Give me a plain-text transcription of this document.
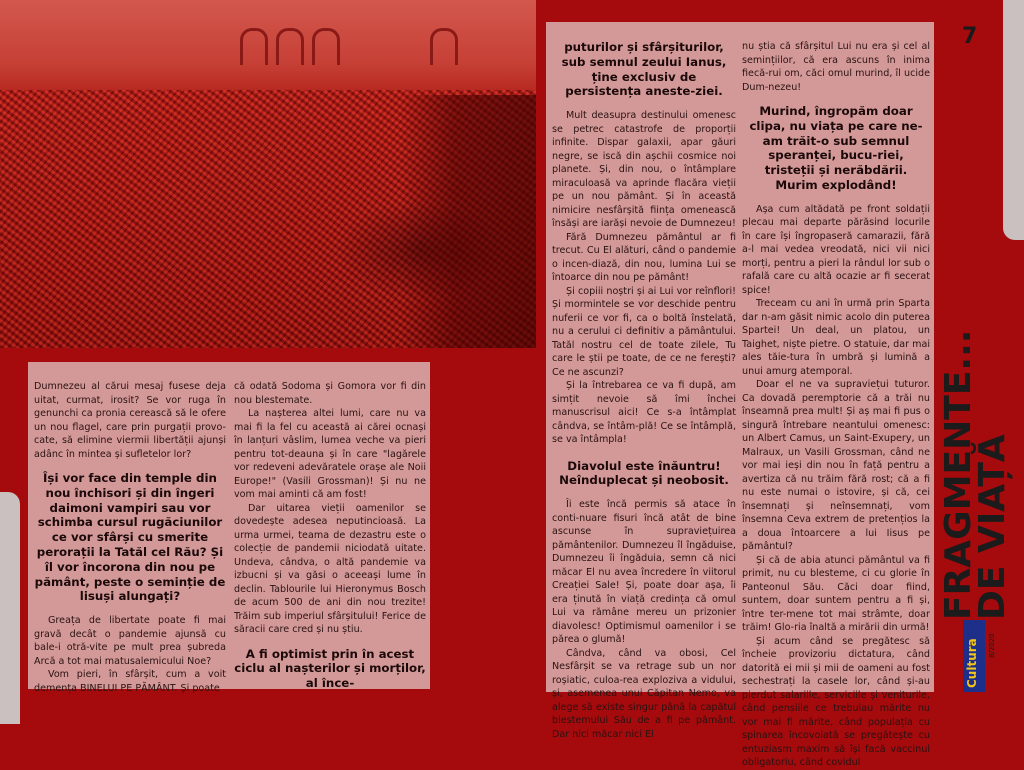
Dumnezeu al cărui mesaj fusese deja uitat, curmat, irosit? Se vor ruga în genunchi ca pronia cerească să le ofere un nou flagel, care prin purgații provo-cate, să elimine viermii libertății ajunși adânc în mintea și sufletelor lor?

Își vor face din temple din nou închisori și din îngeri daimoni vampiri sau vor schimba cursul rugăciunilor ce vor sfârși cu smerite perorații la Tatăl cel Rău? Și îl vor încorona din nou pe pământ, peste o seminție de lisuși alungați?

Greața de libertate poate fi mai gravă decât o pandemie ajunsă cu bale-i otră-vite pe mult prea șubreda Arcă a tot mai matusalemicului Noe?

Vom pieri, în sfârșit, cum a voit demența BINELUI PE PĂMÂNT. Și poate

că odată Sodoma și Gomora vor fi din nou blestemate.

La nașterea altei lumi, care nu va mai fi la fel cu această ai cărei ocnași în lanțuri vâslim, lumea veche va pieri pentru tot-deauna și în care "lagărele vor redeveni adevăratele orașe ale Noii Europe!" (Vasili Grossman)! Și nu ne vom mai aminti că am fost!

Dar uitarea vieții oamenilor se dovedește adesea neputincioasă. La urma urmei, teama de dezastru este o colecție de pandemii niciodată uitate. Undeva, cândva, o altă pandemie va izbucni și va găsi o aceeași lume în declin. Tablourile lui Hieronymus Bosch de acum 500 de ani din nou trezite! Trăim sub imperiul sfârșitului! Ferice de săracii care cred și nu știu.

A fi optimist prin în acest ciclu al nașterilor și morților, al înce-
puturilor și sfârșiturilor, sub semnul zeului Ianus, ține exclusiv de persistența aneste-ziei.

Mult deasupra destinului omenesc se petrec catastrofe de proporții infinite. Dispar galaxii, apar găuri negre, se iscă din așchii cosmice noi planete. Și, din nou, o întâmplare miraculoasă va aprinde flacăra vieții pe un nou pământ. Și în această nimicire nesfârșită ființa omenească însăși are iarăși nevoie de Dumnezeu!

Fără Dumnezeu pământul ar fi trecut. Cu El alături, când o pandemie o incen-diază, din nou, lumina Lui se întoarce din nou pe pământ!

Și copiii noștri și ai Lui vor reînflori! Și mormintele se vor deschide pentru nuferii ce vor fi, ca o boltă înstelată, nu a cerului ci definitiv a pământului. Tatăl nostru cel de toate zilele, Tu care le știi pe toate, de ce ne ferești? Ce ne ascunzi?

Și la întrebarea ce va fi după, am simțit nevoie să îmi închei manuscrisul aici! Ce s-a întâmplat cândva, se întâm-plă! Ce se întâmplă, se va întâmpla!

Diavolul este înăuntru! Neînduplecat și neobosit.

Îi este încă permis să atace în conti-nuare fisuri încă atât de bine ascunse în supraviețuirea pământenilor. Dumnezeu îl îngăduise, Dumnezeu îi îngăduia, semn că nici măcar El nu avea încredere în viitorul Creației Sale! Și, poate doar așa, îi era ținută în viață credința că omul Lui va rămâne mereu un prizonier diavolesc! Optimismul oamenilor i se părea o glumă!

Cândva, când va obosi, Cel Nesfârșit se va retrage sub un nor roșiatic, culoa-rea exploziva a vidului, și, asemenea unui Căpitan Nemo, va alege să existe singur până la capătul blestemului Său de a fi pe pământ. Dar nici măcar nici El

nu știa că sfârșitul Lui nu era și cel al semințiilor, că era ascuns în inima fiecă-rui om, căci omul murind, îl ucide Dum-nezeu!

Murind, îngropăm doar clipa, nu viața pe care ne-am trăit-o sub semnul speranței, bucu-riei, tristeții și nerăbdării. Murim explodând!

Așa cum altădată pe front soldații plecau mai departe părăsind locurile în care își îngropaseră camarazii, fără a-l mai vedea vreodată, nici vii nici morți, pentru a pieri la rândul lor sub o rafală care cu altă ocazie ar fi secerat spice!

Treceam cu ani în urmă prin Sparta dar n-am găsit nimic acolo din puterea Spartei! Un deal, un platou, un Taighet, niște pietre. O statuie, dar mai ales tăie-tura în umbră și lumină a unui amurg atemporal.

Doar el ne va supraviețui tuturor. Ca dovadă peremptorie că a trăi nu înseamnă prea mult! Și aș mai fi pus o singură întrebare neantului omenesc: un Albert Camus, un Saint-Exupery, un Malraux, un Vasili Grossman, când ne vor mai ieși din nou în față pentru a avertiza că nu trăim fără rost; că a fi nu este numai o istovire, și că, cei însemnați și neînsemnați, vom însemna Ceva extrem de pretențios la a doua întoarcere a lui Iisus pe pământul?

Și că de abia atunci pământul va fi primit, nu cu blesteme, ci cu glorie în Panteonul Său. Căci doar fiind, suntem, doar suntem pentru a fi și, între ter-mene tot mai strâmte, doar trăim! Glo-ria înaltă a mirării din urmă!

Și acum când se pregătesc să încheie provizoriu dictatura, când datorită ei mii și mii de oameni au fost sechestrați la casele lor, când și-au pierdut salariile, serviciile și veniturile, când pensiile ce trebuiau mărite nu vor mai fi mărite, când populația cu spinarea încovoiată se pregătește cu entuziasm maxim să își facă vaccinul obligatoriu, când covidul

7
FRAGMENTE...
DE VIAȚĂ
Cultura 8/2020
